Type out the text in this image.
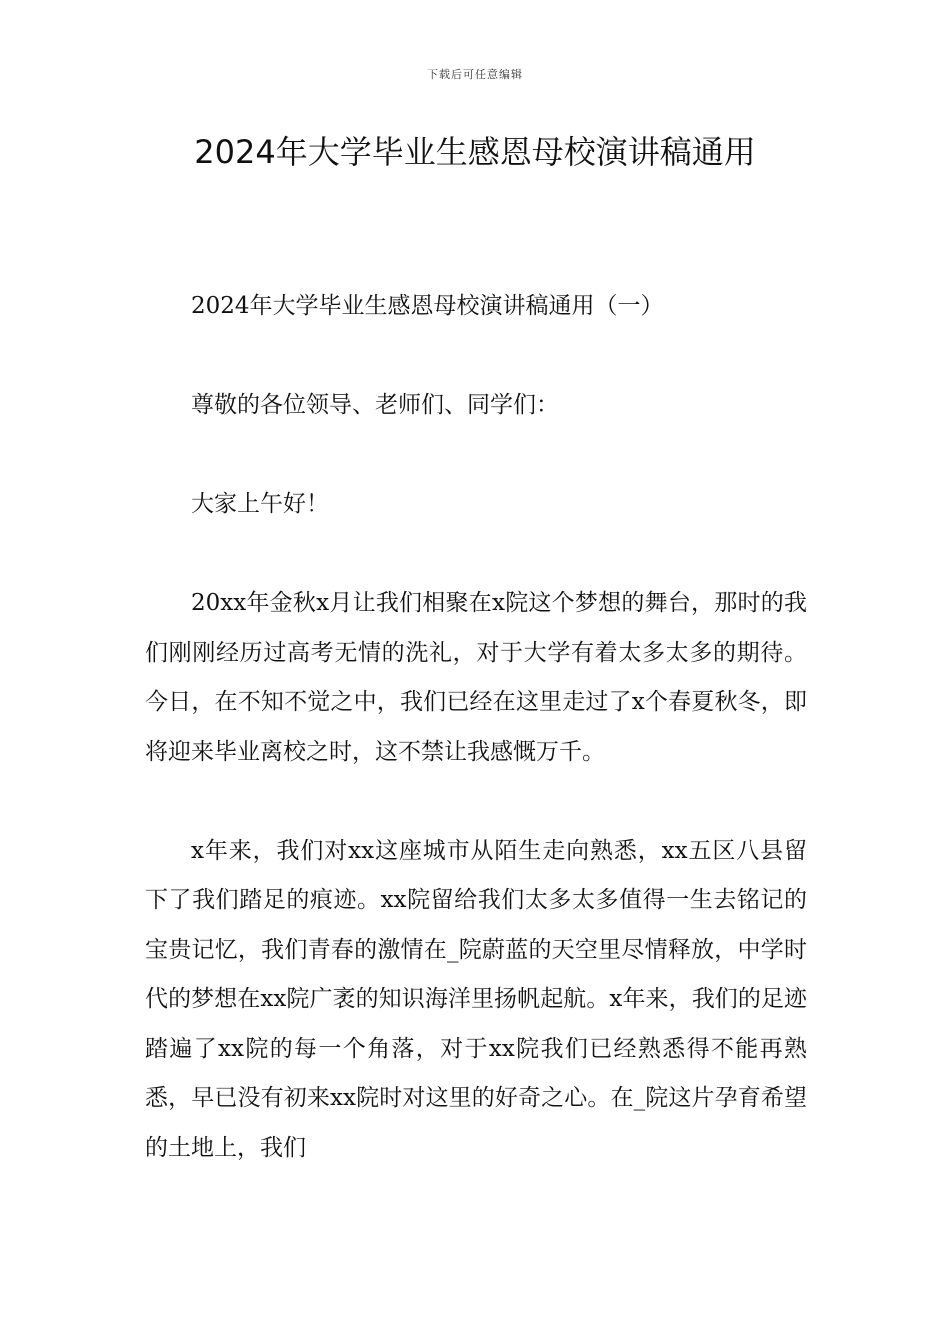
下载后可任意编辑
2024年大学毕业生感恩母校演讲稿通用

2024年大学毕业生感恩母校演讲稿通用（一）

尊敬的各位领导、老师们、同学们：

大家上午好！

20xx年金秋x月让我们相聚在x院这个梦想的舞台，那时的我们刚刚经历过高考无情的洗礼，对于大学有着太多太多的期待。今日，在不知不觉之中，我们已经在这里走过了x个春夏秋冬，即将迎来毕业离校之时，这不禁让我感慨万千。

x年来，我们对xx这座城市从陌生走向熟悉，xx五区八县留下了我们踏足的痕迹。xx院留给我们太多太多值得一生去铭记的宝贵记忆，我们青春的激情在_院蔚蓝的天空里尽情释放，中学时代的梦想在xx院广袤的知识海洋里扬帆起航。x年来，我们的足迹踏遍了xx院的每一个角落，对于xx院我们已经熟悉得不能再熟悉，早已没有初来xx院时对这里的好奇之心。在_院这片孕育希望的土地上，我们
